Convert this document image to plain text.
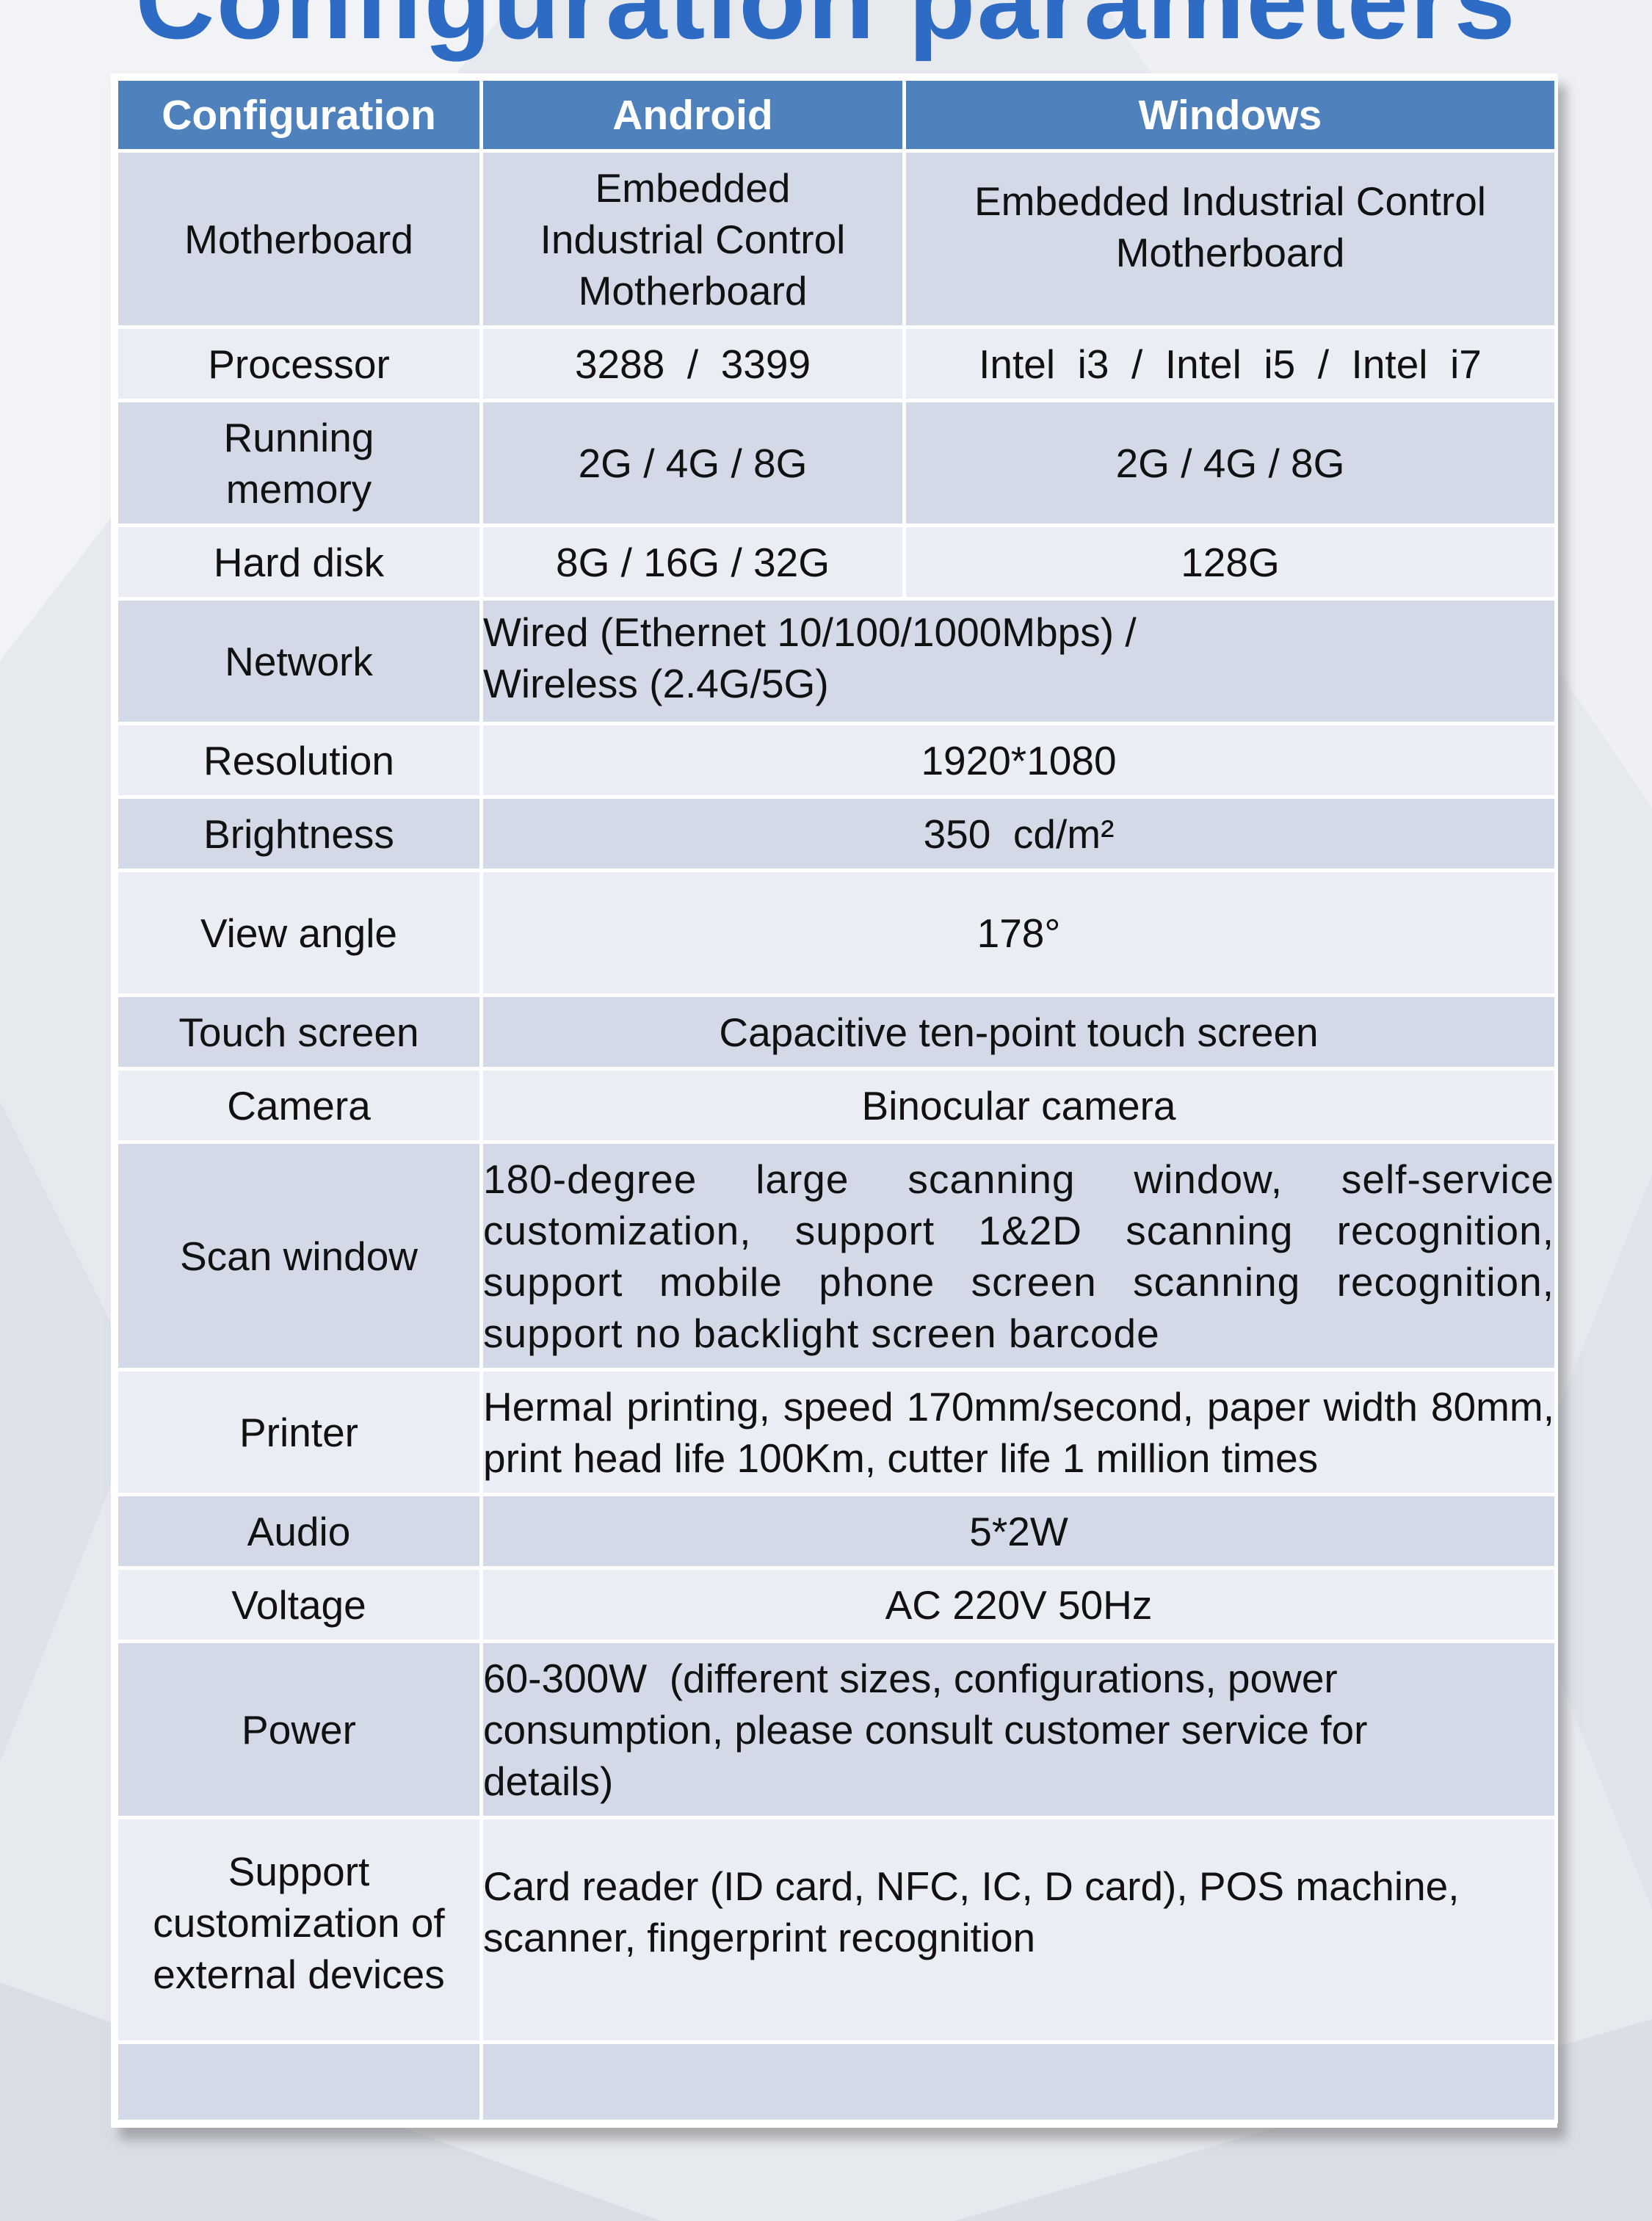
Configuration	Android	Windows
Motherboard	Embedded Industrial Control Motherboard	Embedded Industrial Control Motherboard
Processor	3288  /  3399	Intel  i3  /  Intel  i5  /  Intel  i7
Running memory	2G / 4G / 8G	2G / 4G / 8G
Hard disk	8G / 16G / 32G	128G
Network	Wired (Ethernet 10/100/1000Mbps) /
Wireless (2.4G/5G)	

Resolution	1920*1080	
Brightness	350  cd/m²	
View angle	178°	
Touch screen	Capacitive ten-point touch screen	
Camera	Binocular camera	
Scan window	180-degree large scanning window, self-service customization, support 1&2D scanning recognition, support mobile phone screen scanning recognition, support no backlight screen barcode	
Printer	Hermal printing, speed 170mm/second, paper width 80mm, print head life 100Km, cutter life 1 million times	
Audio	5*2W	
Voltage	AC 220V 50Hz	
Power	60-300W  (different sizes, configurations, power consumption, please consult customer service for details)	
Support customization of external devices	Card reader (ID card, NFC, IC, D card), POS machine, scanner, fingerprint recognition	
